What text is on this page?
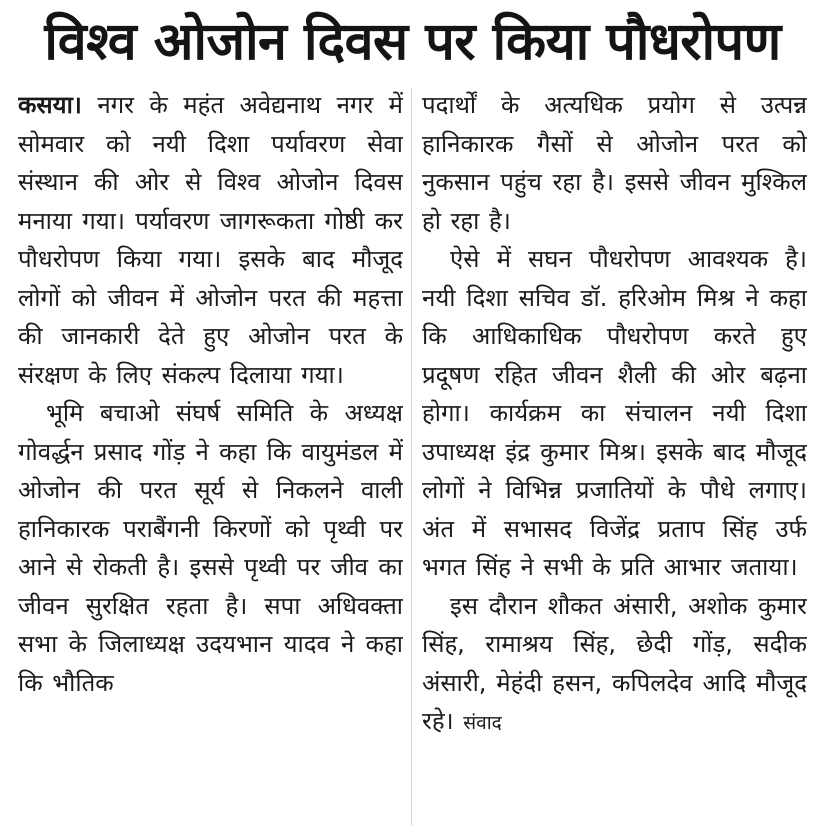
विश्व ओजोन दिवस पर किया पौधरोपण

कसया। नगर के महंत अवेद्यनाथ नगर में सोमवार को नयी दिशा पर्यावरण सेवा संस्थान की ओर से विश्व ओजोन दिवस मनाया गया। पर्यावरण जागरूकता गोष्ठी कर पौधरोपण किया गया। इसके बाद मौजूद लोगों को जीवन में ओजोन परत की महत्ता की जानकारी देते हुए ओजोन परत के संरक्षण के लिए संकल्प दिलाया गया।

भूमि बचाओ संघर्ष समिति के अध्यक्ष गोवर्द्धन प्रसाद गोंड़ ने कहा कि वायुमंडल में ओजोन की परत सूर्य से निकलने वाली हानिकारक पराबैंगनी किरणों को पृथ्वी पर आने से रोकती है। इससे पृथ्वी पर जीव का जीवन सुरक्षित रहता है। सपा अधिवक्ता सभा के जिलाध्यक्ष उदयभान यादव ने कहा कि भौतिक

पदार्थों के अत्यधिक प्रयोग से उत्पन्न हानिकारक गैसों से ओजोन परत को नुकसान पहुंच रहा है। इससे जीवन मुश्किल हो रहा है।

ऐसे में सघन पौधरोपण आवश्यक है। नयी दिशा सचिव डॉ. हरिओम मिश्र ने कहा कि आधिकाधिक पौधरोपण करते हुए प्रदूषण रहित जीवन शैली की ओर बढ़ना होगा। कार्यक्रम का संचालन नयी दिशा उपाध्यक्ष इंद्र कुमार मिश्र। इसके बाद मौजूद लोगों ने विभिन्न प्रजातियों के पौधे लगाए। अंत में सभासद विजेंद्र प्रताप सिंह उर्फ भगत सिंह ने सभी के प्रति आभार जताया।

इस दौरान शौकत अंसारी, अशोक कुमार सिंह, रामाश्रय सिंह, छेदी गोंड़, सदीक अंसारी, मेहंदी हसन, कपिलदेव आदि मौजूद रहे। संवाद
